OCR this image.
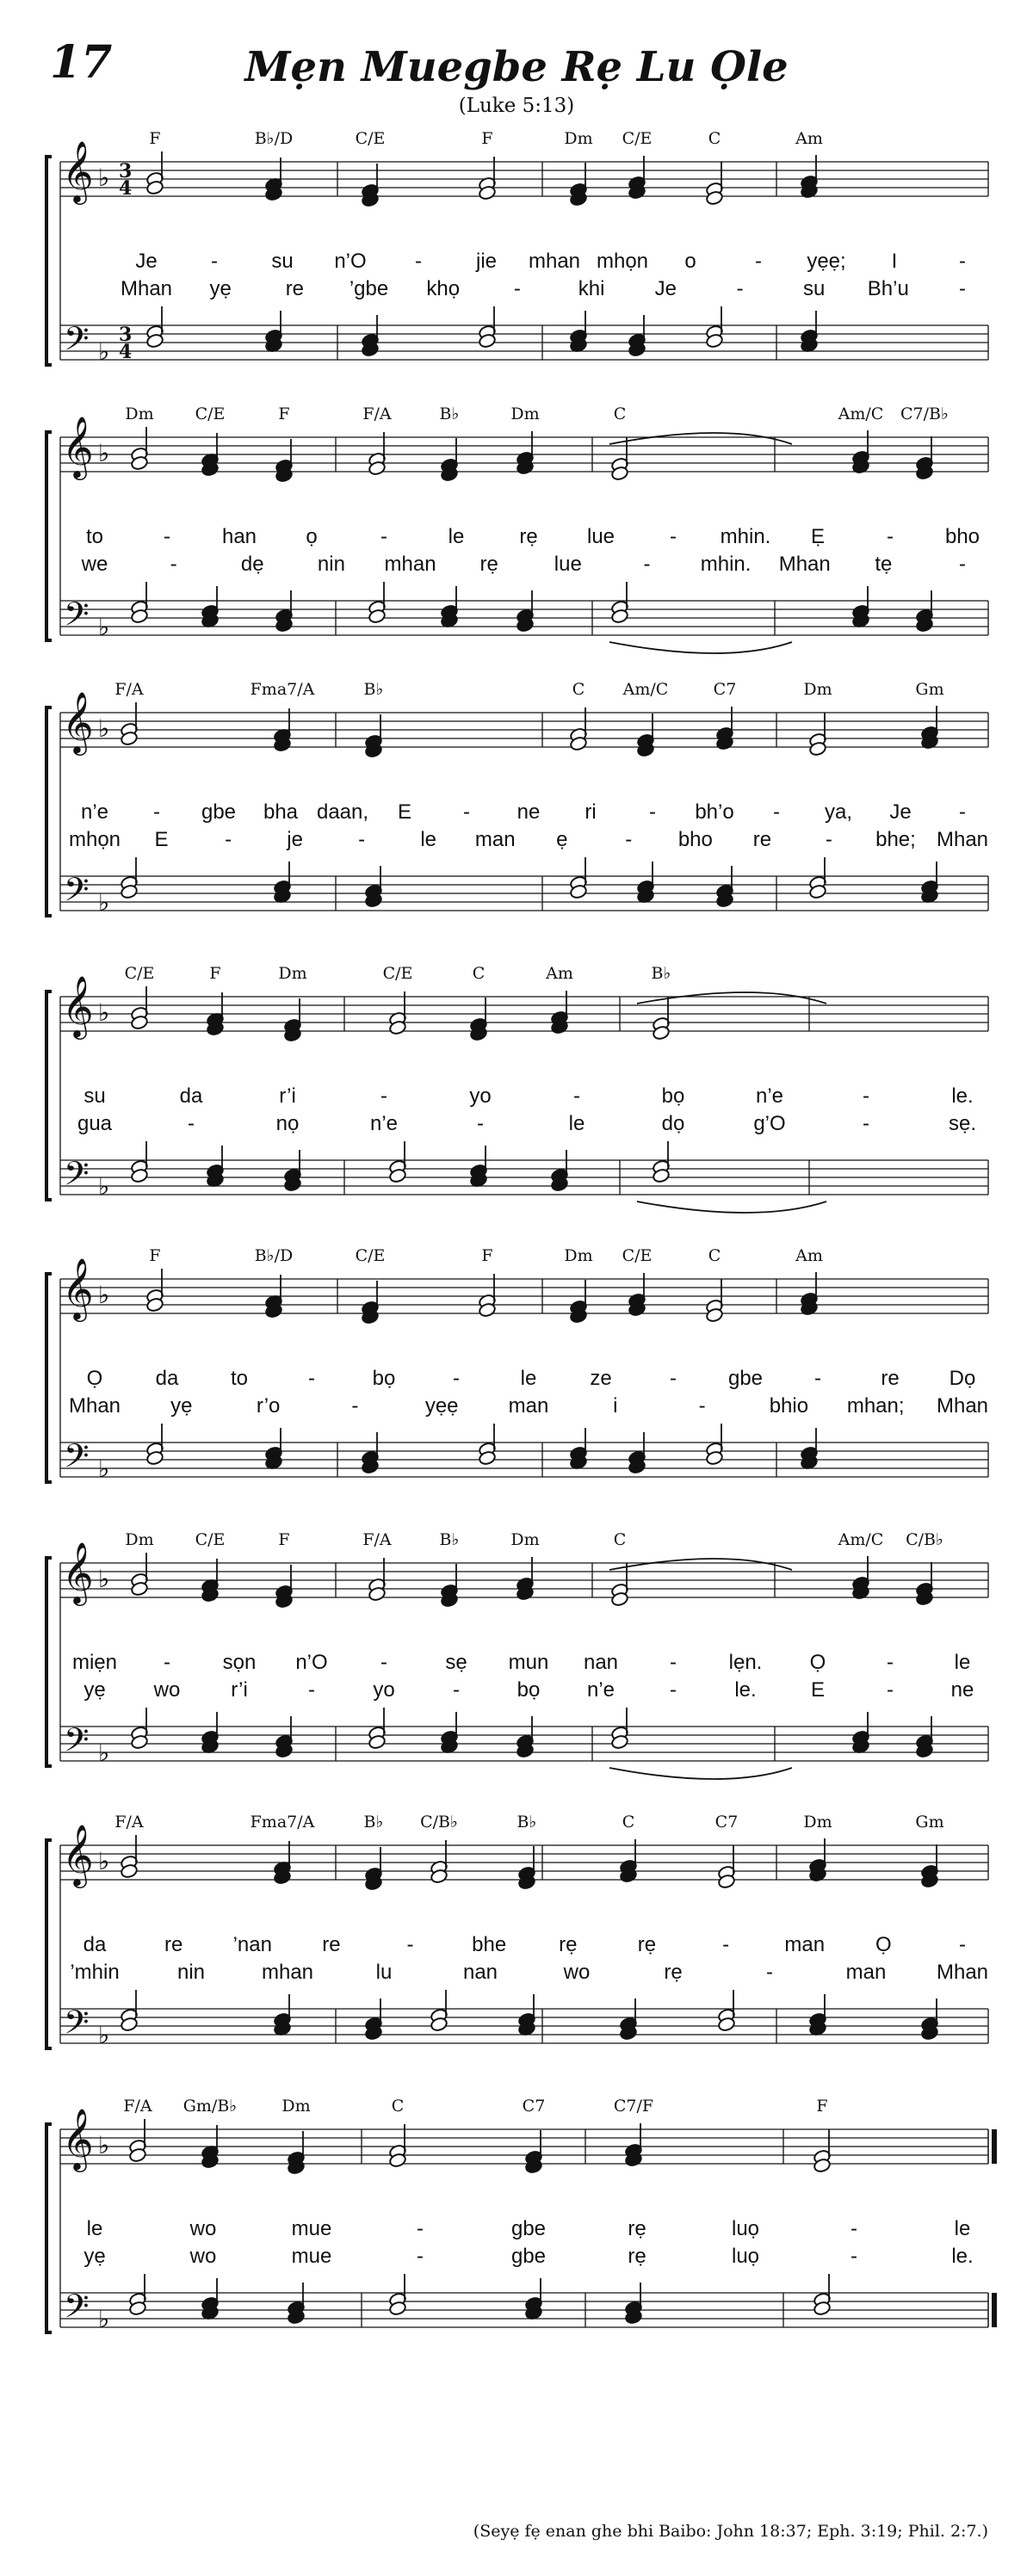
17	Mẹn Muegbe Rẹ Lu Ọle
(Luke 5:13)
𝄞
𝄢
♭
♭
3
3
4
4
F	B♭/D	C/E	F	Dm C/E	C	Am
Je	-	su n’O -	jie mhan mhọn o	- yẹẹ; I	-
Mhan yẹ	re ’gbe khọ	-	khi Je	-	su Bh’u -
𝄞
𝄢
♭
♭
Dm	C/E	F	F/A	B♭	Dm	C	Am/C C7/B♭
to	- han ọ	-	le	rẹ lue	- mhin. Ẹ	- bho
we	-	dẹ	nin mhan rẹ	lue	- mhin. Mhan tẹ	-
𝄞
𝄢
♭
♭
F/A	Fma7/A	B♭	C Am/C	C7	Dm	Gm
n’e - gbe bha daan, E - ne ri	- bh’o - ya, Je -
mhọn E	-	je	-	le man ẹ	- bho re	- bhe; Mhan
𝄞
𝄢
♭
♭
C/E	F	Dm	C/E	C	Am	B♭
su	da	r’i	-	yo	-	bọ	n’e	-	le.
gua	-	nọ	n’e	-	le	dọ	g’O	-	sẹ.
𝄞
𝄢
♭
♭
F	B♭/D	C/E	F	Dm C/E	C	Am
Ọ	da	to	-	bọ	-	le	ze	- gbe -	re Dọ
Mhan yẹ	r’o	-	yẹẹ man	i	-	bhio mhan; Mhan
𝄞
𝄢
♭
♭
Dm	C/E	F	F/A	B♭	Dm	C	Am/C C/B♭
miẹn -	sọn n’O	-	sẹ mun nan -	lẹn. Ọ	-	le
yẹ wo r’i	-	yo	-	bọ n’e	-	le.	E	-	ne
𝄞
𝄢
♭
♭
F/A	Fma7/A	B♭ C/B♭	B♭	C	C7	Dm	Gm
da	re ’nan re	-	bhe	rẹ	rẹ	-	man Ọ	-
’mhin	nin	mhan	lu	nan	wo	rẹ	-	man Mhan
𝄞
𝄢
♭
♭
F/A Gm/B♭	Dm	C	C7	C7/F	F
le	wo	mue	-	gbe	rẹ	luọ	-	le
yẹ	wo	mue	-	gbe	rẹ	luọ	-	le.
(Seyẹ fẹ enan ghe bhi Baibo: John 18:37; Eph. 3:19; Phil. 2:7.)
